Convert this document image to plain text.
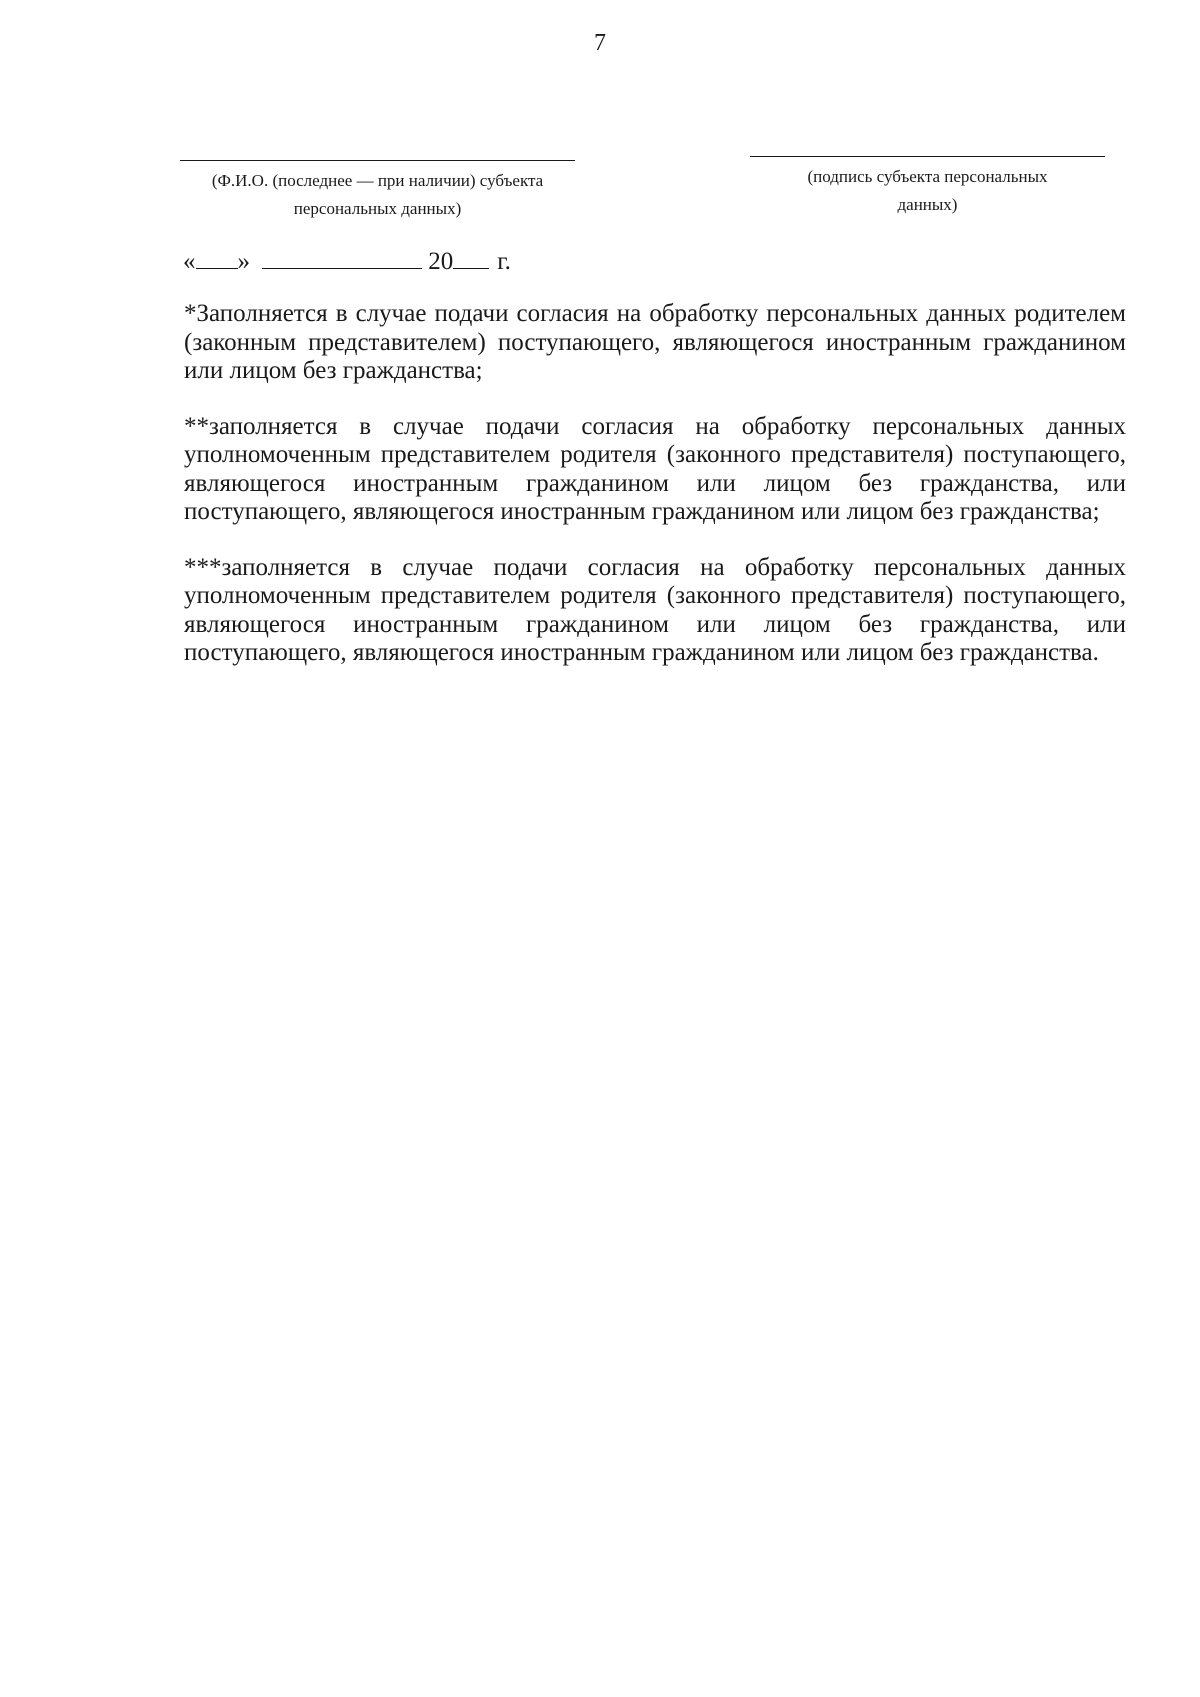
7
(Ф.И.О. (последнее — при наличии) субъекта
персональных данных)
(подпись субъекта персональных
данных)
« »	20 г.

*Заполняется в случае подачи согласия на обработку персональных данных родителем (законным представителем) поступающего, являющегося иностранным гражданином или лицом без гражданства;

**заполняется в случае подачи согласия на обработку персональных данных уполномоченным представителем родителя (законного представителя) поступающего, являющегося иностранным гражданином или лицом без гражданства, или поступающего, являющегося иностранным гражданином или лицом без гражданства;

***заполняется в случае подачи согласия на обработку персональных данных уполномоченным представителем родителя (законного представителя) поступающего, являющегося иностранным гражданином или лицом без гражданства, или поступающего, являющегося иностранным гражданином или лицом без гражданства.
